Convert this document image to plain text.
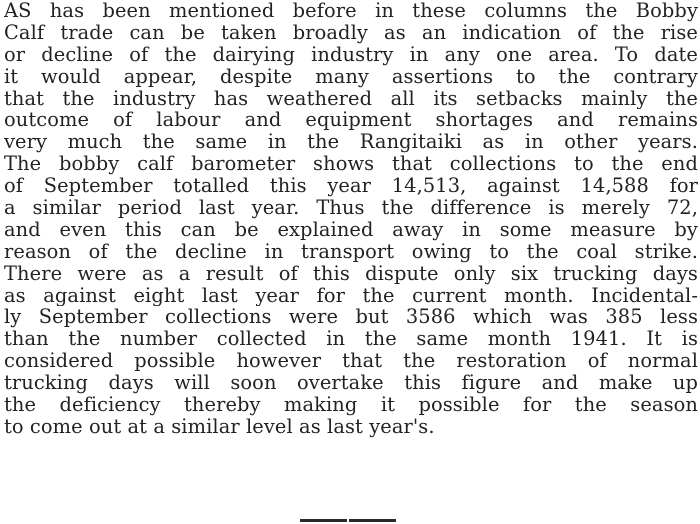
AS has been mentioned before in these columns the Bobby
Calf trade can be taken broadly as an indication of the rise
or decline of the dairying industry in any one area. To date
it would appear, despite many assertions to the contrary
that the industry has weathered all its setbacks mainly the
outcome of labour and equipment shortages and remains
very much the same in the Rangitaiki as in other years.
The bobby calf barometer shows that collections to the end
of September totalled this year 14,513, against 14,588 for
a similar period last year. Thus the difference is merely 72,
and even this can be explained away in some measure by
reason of the decline in transport owing to the coal strike.
There were as a result of this dispute only six trucking days
as against eight last year for the current month. Incidental-
ly September collections were but 3586 which was 385 less
than the number collected in the same month 1941. It is
considered possible however that the restoration of normal
trucking days will soon overtake this figure and make up
the deficiency thereby making it possible for the season
to come out at a similar level as last year's.
